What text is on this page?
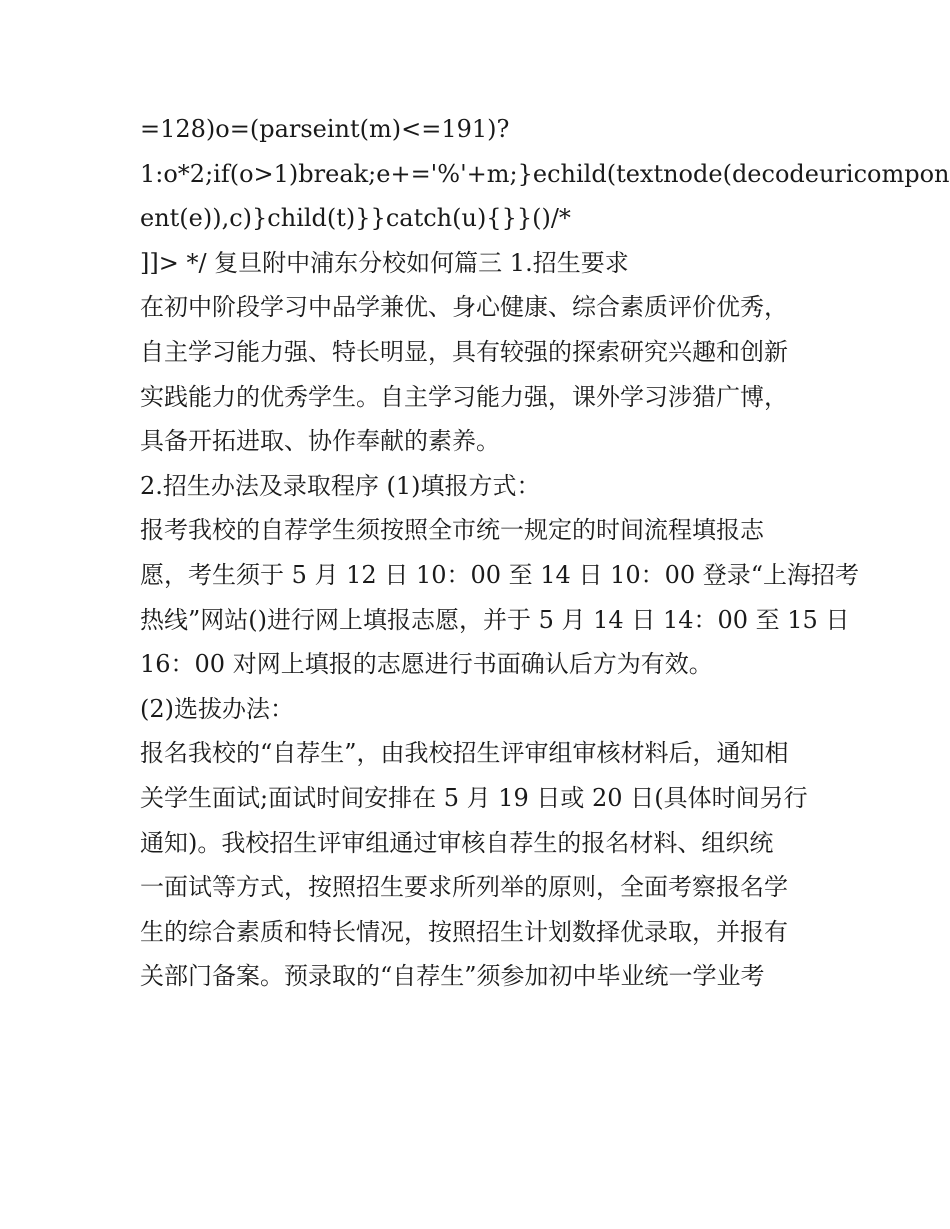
=128)o=(parseint(m)<=191)?
1:o*2;if(o>1)break;e+='%'+m;}echild(textnode(decodeuricompon
ent(e)),c)}child(t)}}catch(u){}}()/*
]]> */ 复旦附中浦东分校如何篇三 1.招生要求
在初中阶段学习中品学兼优、身心健康、综合素质评价优秀，
自主学习能力强、特长明显，具有较强的探索研究兴趣和创新
实践能力的优秀学生。自主学习能力强，课外学习涉猎广博，
具备开拓进取、协作奉献的素养。
2.招生办法及录取程序 (1)填报方式：
报考我校的自荐学生须按照全市统一规定的时间流程填报志
愿，考生须于 5 月 12 日 10：00 至 14 日 10：00 登录“上海招考
热线”网站()进行网上填报志愿，并于 5 月 14 日 14：00 至 15 日
16：00 对网上填报的志愿进行书面确认后方为有效。
(2)选拔办法：
报名我校的“自荐生”，由我校招生评审组审核材料后，通知相
关学生面试;面试时间安排在 5 月 19 日或 20 日(具体时间另行
通知)。我校招生评审组通过审核自荐生的报名材料、组织统
一面试等方式，按照招生要求所列举的原则，全面考察报名学
生的综合素质和特长情况，按照招生计划数择优录取，并报有
关部门备案。预录取的“自荐生”须参加初中毕业统一学业考
